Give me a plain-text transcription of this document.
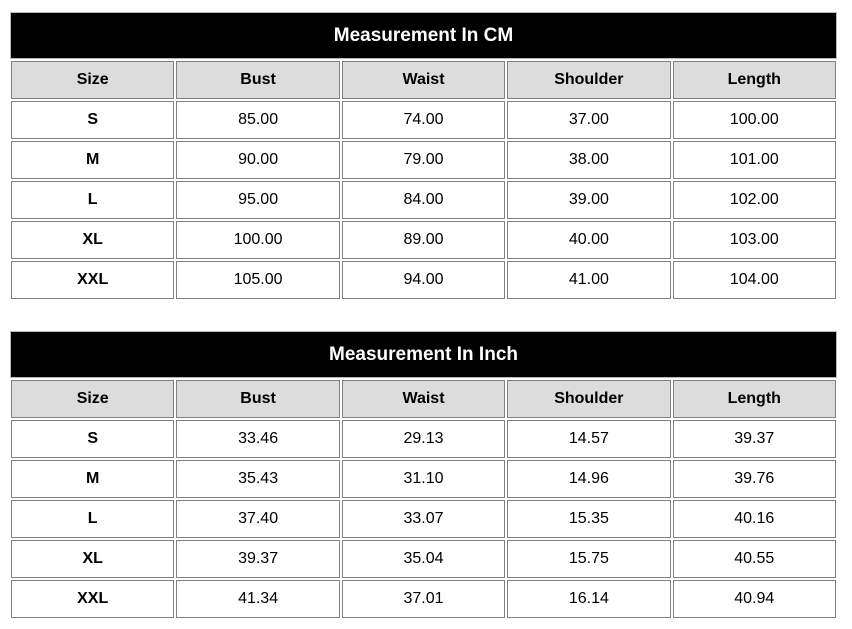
Measurement In CM
Size	Bust	Waist	Shoulder	Length
S	85.00	74.00	37.00	100.00
M	90.00	79.00	38.00	101.00
L	95.00	84.00	39.00	102.00
XL	100.00	89.00	40.00	103.00
XXL	105.00	94.00	41.00	104.00
Measurement In Inch
Size	Bust	Waist	Shoulder	Length
S	33.46	29.13	14.57	39.37
M	35.43	31.10	14.96	39.76
L	37.40	33.07	15.35	40.16
XL	39.37	35.04	15.75	40.55
XXL	41.34	37.01	16.14	40.94
